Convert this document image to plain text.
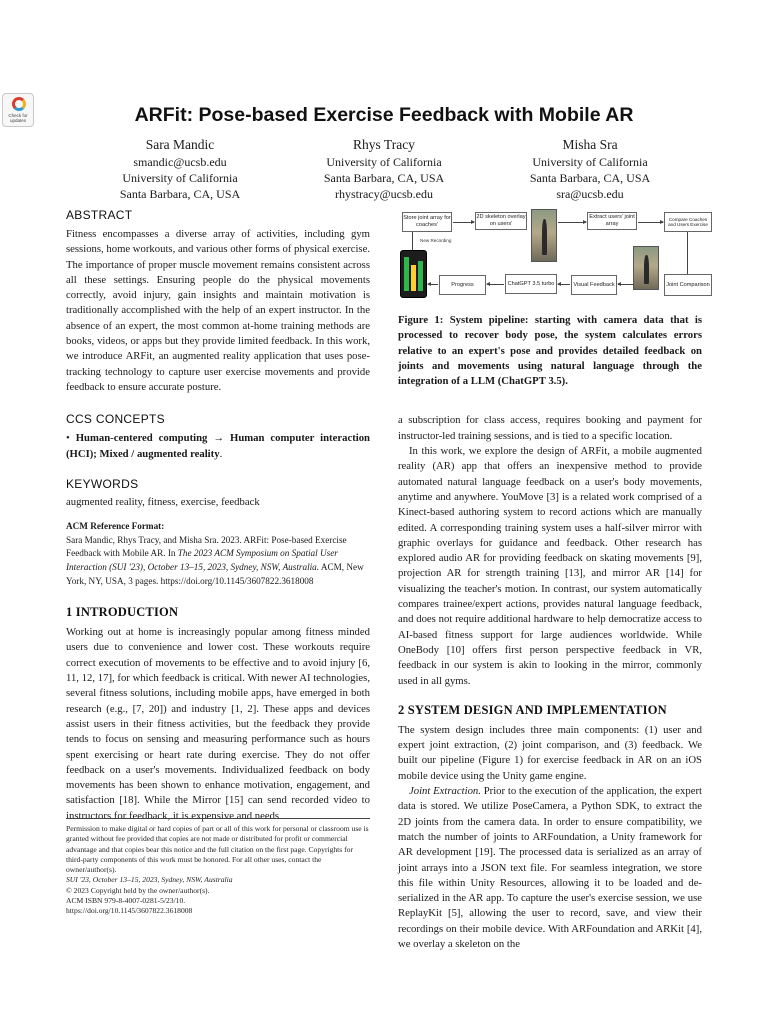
Check for updates	ARFit: Pose-based Exercise Feedback with Mobile AR
Sara Mandic
smandic@ucsb.edu
University of California
Santa Barbara, CA, USA
Rhys Tracy
University of California
Santa Barbara, CA, USA
rhystracy@ucsb.edu
Misha Sra
University of California
Santa Barbara, CA, USA
sra@ucsb.edu
ABSTRACT

Fitness encompasses a diverse array of activities, including gym sessions, home workouts, and various other forms of physical exercise. The importance of proper muscle movement remains consistent across all these settings. Ensuring people do the physical movements correctly, avoid injury, gain insights and maintain motivation is traditionally accomplished with the help of an expert instructor. In the absence of an expert, the most common at-home training methods are books, videos, or apps but they provide limited feedback. In this work, we introduce ARFit, an augmented reality application that uses pose-tracking technology to capture user exercise movements and provide feedback to ensure accurate posture.

CCS CONCEPTS

• Human-centered computing → Human computer interaction (HCI); Mixed / augmented reality.

KEYWORDS

augmented reality, fitness, exercise, feedback

ACM Reference Format:

Sara Mandic, Rhys Tracy, and Misha Sra. 2023. ARFit: Pose-based Exercise Feedback with Mobile AR. In The 2023 ACM Symposium on Spatial User Interaction (SUI '23), October 13–15, 2023, Sydney, NSW, Australia. ACM, New York, NY, USA, 3 pages. https://doi.org/10.1145/3607822.3618008

1 INTRODUCTION

Working out at home is increasingly popular among fitness minded users due to convenience and lower cost. These workouts require correct execution of movements to be effective and to avoid injury [6, 11, 12, 17], for which feedback is critical. With newer AI technologies, several fitness solutions, including mobile apps, have emerged in both research (e.g., [7, 20]) and industry [1, 2]. These apps and devices assist users in their fitness activities, but the feedback they provide tends to focus on sensing and measuring performance such as hours spent exercising or heart rate during exercise. They do not offer feedback on a user's movements. Individualized feedback on body movements has been shown to enhance motivation, engagement, and satisfaction [18]. While the Mirror [15] can send recorded video to instructors for feedback, it is expensive and needs

Permission to make digital or hard copies of part or all of this work for personal or classroom use is granted without fee provided that copies are not made or distributed for profit or commercial advantage and that copies bear this notice and the full citation on the first page. Copyrights for third-party components of this work must be honored. For all other uses, contact the owner/author(s).

SUI '23, October 13–15, 2023, Sydney, NSW, Australia

© 2023 Copyright held by the owner/author(s).

ACM ISBN 979-8-4007-0281-5/23/10.

https://doi.org/10.1145/3607822.3618008

Store joint array for coaches'
2D skeleton overlay on users'
Extract users' joint array
Compare Coaches and Users Exercise
New Recording
Progress	ChatGPT 3.5 turbo	Visual Feedback	Joint Comparison

Figure 1: System pipeline: starting with camera data that is processed to recover body pose, the system calculates errors relative to an expert's pose and provides detailed feedback on joints and movements using natural language through the integration of a LLM (ChatGPT 3.5).

a subscription for class access, requires booking and payment for instructor-led training sessions, and is tied to a specific location.

In this work, we explore the design of ARFit, a mobile augmented reality (AR) app that offers an inexpensive method to provide automated natural language feedback on a user's body movements, anytime and anywhere. YouMove [3] is a related work comprised of a Kinect-based authoring system to record actions which are manually edited. A corresponding training system uses a half-silver mirror with graphic overlays for guidance and feedback. Other research has explored audio AR for providing feedback on skating movements [9], projection AR for strength training [13], and mirror AR [14] for visualizing the teacher's motion. In contrast, our system automatically compares trainee/expert actions, provides natural language feedback, and does not require additional hardware to help democratize access to AI-based fitness support for large audiences worldwide. While OneBody [10] offers first person perspective feedback in VR, feedback in our system is akin to looking in the mirror, commonly used in all gyms.

2 SYSTEM DESIGN AND IMPLEMENTATION

The system design includes three main components: (1) user and expert joint extraction, (2) joint comparison, and (3) feedback. We built our pipeline (Figure 1) for exercise feedback in AR on an iOS mobile device using the Unity game engine.

Joint Extraction. Prior to the execution of the application, the expert data is stored. We utilize PoseCamera, a Python SDK, to extract the 2D joints from the camera data. In order to ensure compatibility, we match the number of joints to ARFoundation, a Unity framework for AR development [19]. The processed data is serialized as an array of joint arrays into a JSON text file. For seamless integration, we store this file within Unity Resources, allowing it to be loaded and de-serialized in the AR app. To capture the user's exercise session, we use ReplayKit [5], allowing the user to record, save, and view their recordings on their mobile device. With ARFoundation and ARKit [4], we overlay a skeleton on the
